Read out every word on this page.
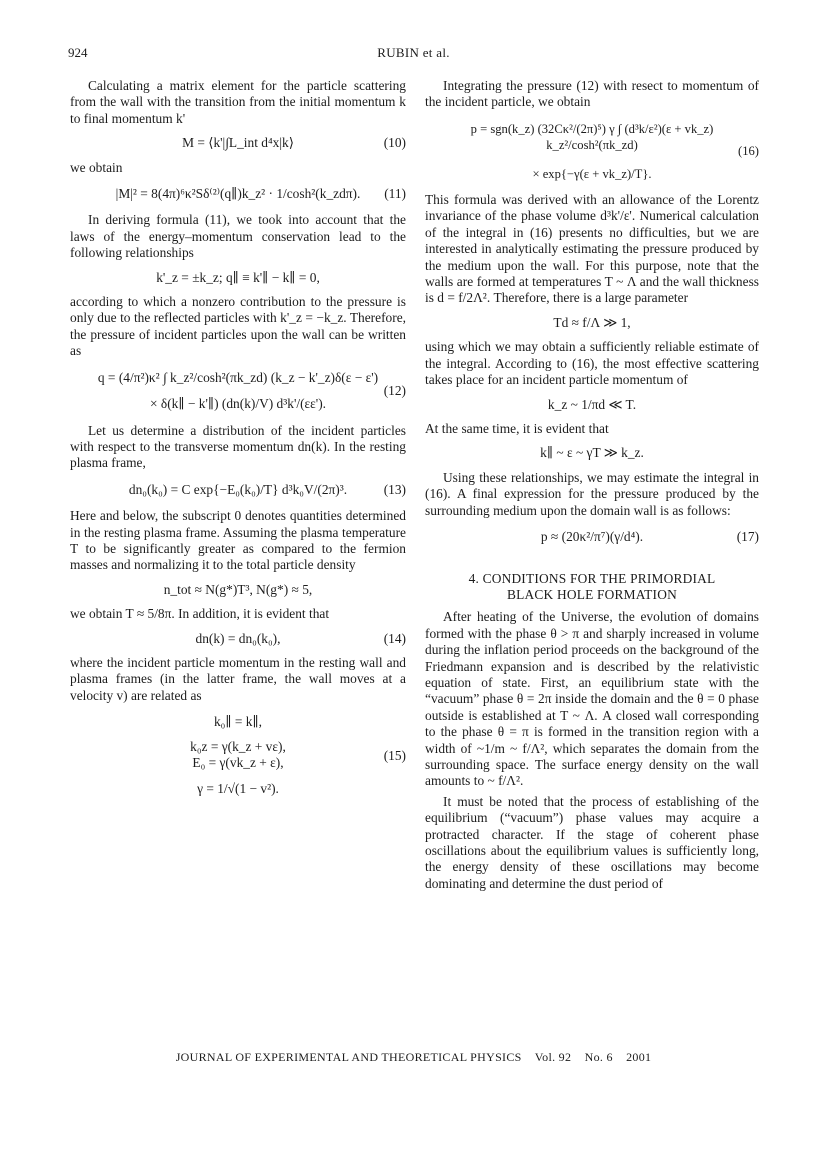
924	RUBIN et al.

Calculating a matrix element for the particle scattering from the wall with the transition from the initial momentum k to final momentum k'

M = ⟨k'|∫L_int d⁴x|k⟩	(10)

we obtain

|M|² = 8(4π)⁶κ²Sδ⁽²⁾(q∥)k_z² · 1/cosh²(k_zdπ). (11)

In deriving formula (11), we took into account that the laws of the energy–momentum conservation lead to the following relationships

k'_z = ±k_z; q∥ ≡ k'∥ − k∥ = 0,

according to which a nonzero contribution to the pressure is only due to the reflected particles with k'_z = −k_z. Therefore, the pressure of incident particles upon the wall can be written as

q = (4/π²)κ² ∫ k_z²/cosh²(πk_zd) (k_z − k'_z)δ(ε − ε')
× δ(k∥ − k'∥) (dn(k)/V) d³k'/(εε').
(12)

Let us determine a distribution of the incident particles with respect to the transverse momentum dn(k). In the resting plasma frame,

dn₀(k₀) = C exp{−E₀(k₀)/T} d³k₀V/(2π)³.	(13)

Here and below, the subscript 0 denotes quantities determined in the resting plasma frame. Assuming the plasma temperature T to be significantly greater as compared to the fermion masses and normalizing it to the total particle density

n_tot ≈ N(g*)T³, N(g*) ≈ 5,

we obtain T ≈ 5/8π. In addition, it is evident that

dn(k) = dn₀(k₀),	(14)

where the incident particle momentum in the resting wall and plasma frames (in the latter frame, the wall moves at a velocity v) are related as

k₀∥ = k∥,
k₀z = γ(k_z + vε),
E₀ = γ(vk_z + ε),
γ = 1/√(1 − v²).
(15)

Integrating the pressure (12) with resect to momentum of the incident particle, we obtain

p = sgn(k_z) (32Cκ²/(2π)⁵) γ ∫ (d³k/ε²)(ε + vk_z) k_z²/cosh²(πk_zd)
× exp{−γ(ε + vk_z)/T}.
(16)

This formula was derived with an allowance of the Lorentz invariance of the phase volume d³k'/ε'. Numerical calculation of the integral in (16) presents no difficulties, but we are interested in analytically estimating the pressure produced by the medium upon the wall. For this purpose, note that the walls are formed at temperatures T ~ Λ and the wall thickness is d = f/2Λ². Therefore, there is a large parameter

Td ≈ f/Λ ≫ 1,

using which we may obtain a sufficiently reliable estimate of the integral. According to (16), the most effective scattering takes place for an incident particle momentum of

k_z ~ 1/πd ≪ T.

At the same time, it is evident that

k∥ ~ ε ~ γT ≫ k_z.

Using these relationships, we may estimate the integral in (16). A final expression for the pressure produced by the surrounding medium upon the domain wall is as follows:

p ≈ (20κ²/π⁷)(γ/d⁴).	(17)
4. CONDITIONS FOR THE PRIMORDIAL
BLACK HOLE FORMATION

After heating of the Universe, the evolution of domains formed with the phase θ > π and sharply increased in volume during the inflation period proceeds on the background of the Friedmann expansion and is described by the relativistic equation of state. First, an equilibrium state with the “vacuum” phase θ = 2π inside the domain and the θ = 0 phase outside is established at T ~ Λ. A closed wall corresponding to the phase θ = π is formed in the transition region with a width of ~1/m ~ f/Λ², which separates the domain from the surrounding space. The surface energy density on the wall amounts to ~ f/Λ².

It must be noted that the process of establishing of the equilibrium (“vacuum”) phase values may acquire a protracted character. If the stage of coherent phase oscillations about the equilibrium values is sufficiently long, the energy density of these oscillations may become dominating and determine the dust period of

JOURNAL OF EXPERIMENTAL AND THEORETICAL PHYSICS Vol. 92 No. 6 2001
